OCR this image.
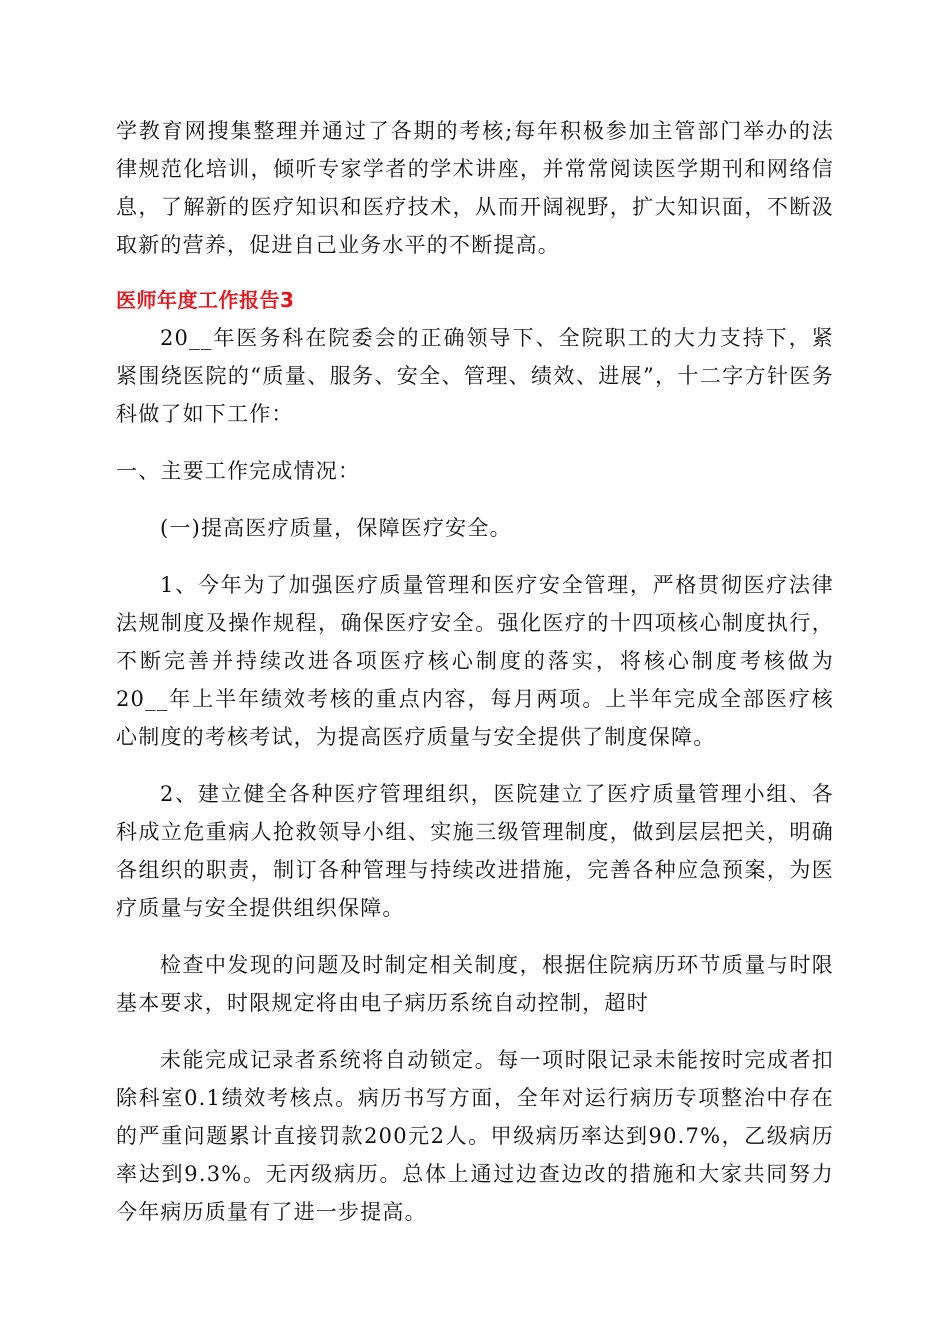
学教育网搜集整理并通过了各期的考核;每年积极参加主管部门举办的法律规范化培训，倾听专家学者的学术讲座，并常常阅读医学期刊和网络信息，了解新的医疗知识和医疗技术，从而开阔视野，扩大知识面，不断汲取新的营养，促进自己业务水平的不断提高。

医师年度工作报告3

20__年医务科在院委会的正确领导下、全院职工的大力支持下，紧紧围绕医院的“质量、服务、安全、管理、绩效、进展”，十二字方针医务科做了如下工作：

一、主要工作完成情况：

(一)提高医疗质量，保障医疗安全。

1、今年为了加强医疗质量管理和医疗安全管理，严格贯彻医疗法律法规制度及操作规程，确保医疗安全。强化医疗的十四项核心制度执行，不断完善并持续改进各项医疗核心制度的落实，将核心制度考核做为20__年上半年绩效考核的重点内容，每月两项。上半年完成全部医疗核心制度的考核考试，为提高医疗质量与安全提供了制度保障。

2、建立健全各种医疗管理组织，医院建立了医疗质量管理小组、各科成立危重病人抢救领导小组、实施三级管理制度，做到层层把关，明确各组织的职责，制订各种管理与持续改进措施，完善各种应急预案，为医疗质量与安全提供组织保障。

检查中发现的问题及时制定相关制度，根据住院病历环节质量与时限基本要求，时限规定将由电子病历系统自动控制，超时

未能完成记录者系统将自动锁定。每一项时限记录未能按时完成者扣除科室0.1绩效考核点。病历书写方面，全年对运行病历专项整治中存在的严重问题累计直接罚款200元2人。甲级病历率达到90.7%，乙级病历率达到9.3%。无丙级病历。总体上通过边查边改的措施和大家共同努力今年病历质量有了进一步提高。
